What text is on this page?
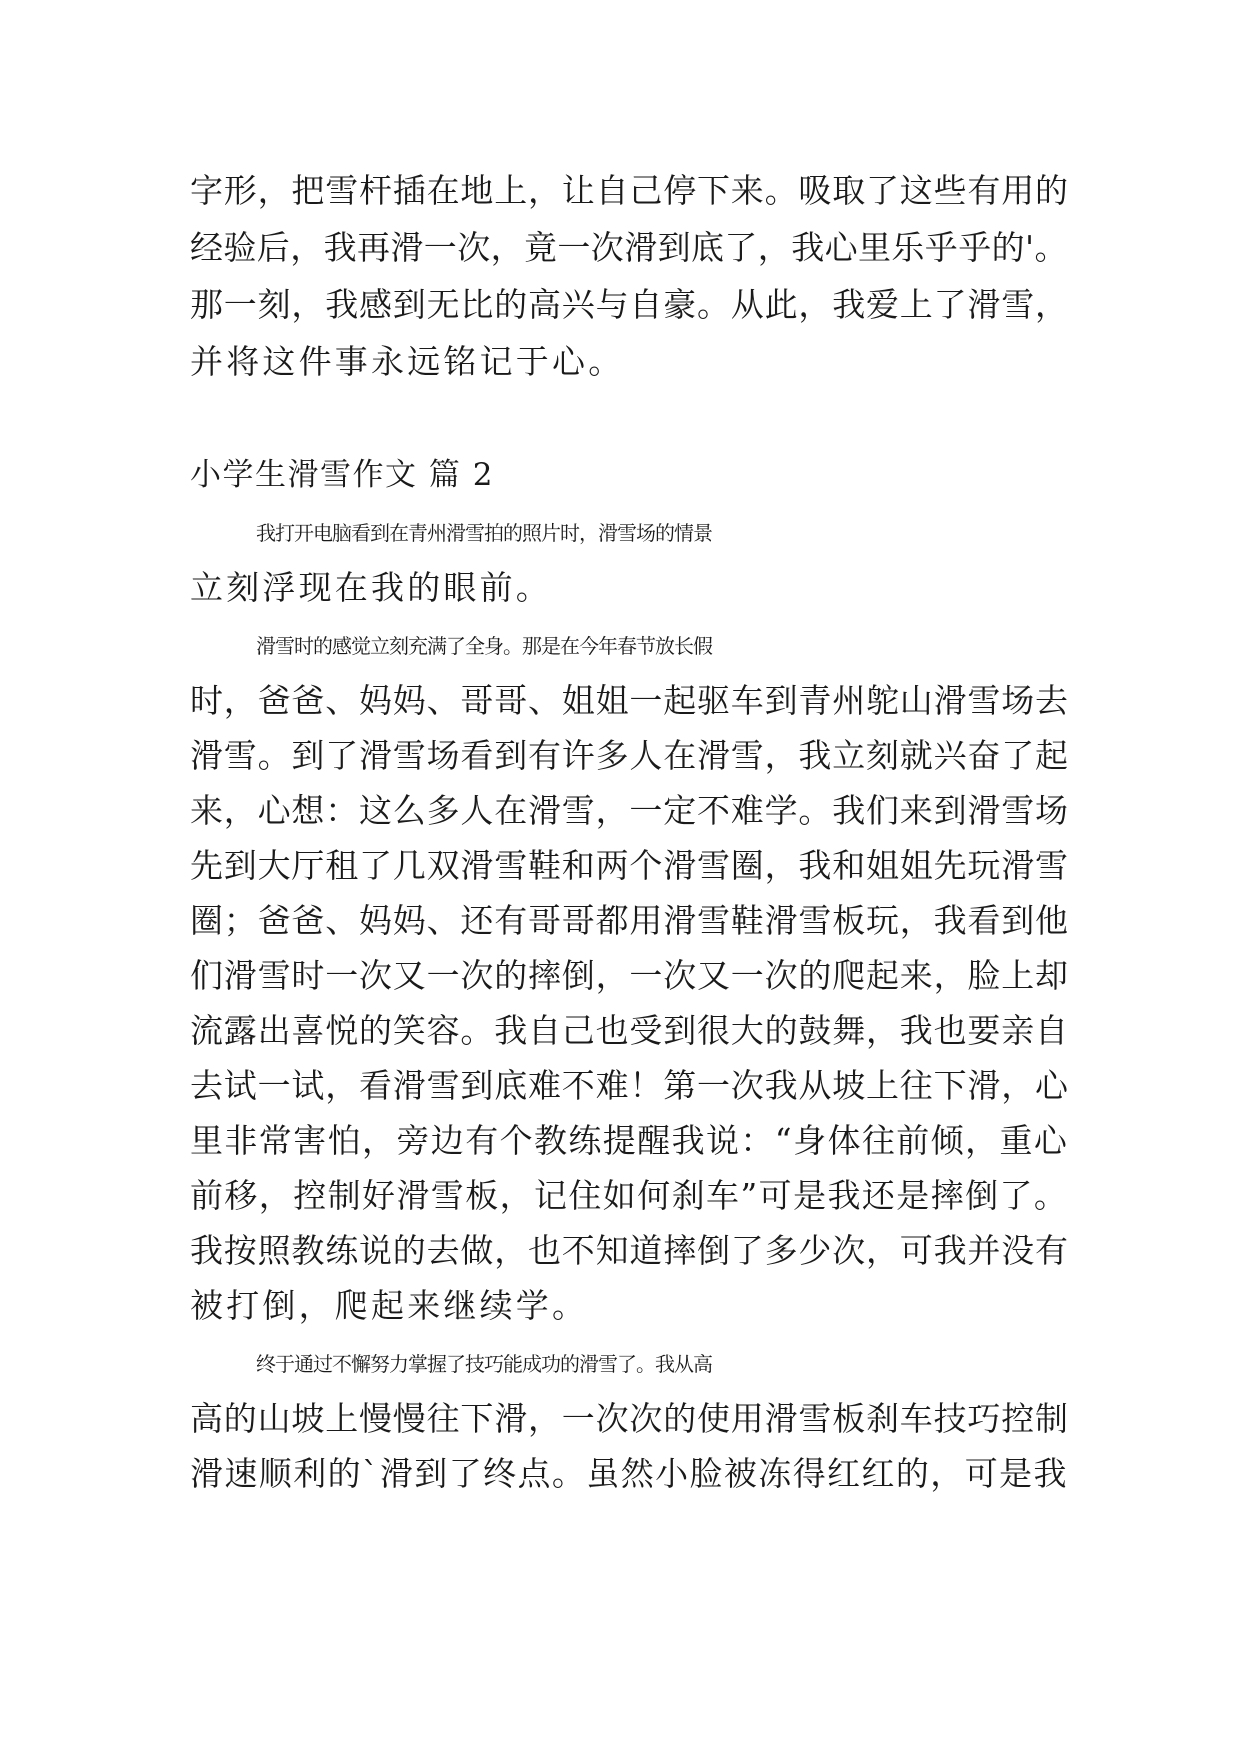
字形，把雪杆插在地上，让自己停下来。吸取了这些有用的
经验后，我再滑一次，竟一次滑到底了，我心里乐乎乎的'。
那一刻，我感到无比的高兴与自豪。从此，我爱上了滑雪，
并将这件事永远铭记于心。
小学生滑雪作文 篇 2
我打开电脑看到在青州滑雪拍的照片时，滑雪场的情景
立刻浮现在我的眼前。
滑雪时的感觉立刻充满了全身。那是在今年春节放长假
时，爸爸、妈妈、哥哥、姐姐一起驱车到青州鸵山滑雪场去
滑雪。到了滑雪场看到有许多人在滑雪，我立刻就兴奋了起
来，心想：这么多人在滑雪，一定不难学。我们来到滑雪场
先到大厅租了几双滑雪鞋和两个滑雪圈，我和姐姐先玩滑雪
圈；爸爸、妈妈、还有哥哥都用滑雪鞋滑雪板玩，我看到他
们滑雪时一次又一次的摔倒，一次又一次的爬起来，脸上却
流露出喜悦的笑容。我自己也受到很大的鼓舞，我也要亲自
去试一试，看滑雪到底难不难！第一次我从坡上往下滑，心
里非常害怕，旁边有个教练提醒我说：“身体往前倾，重心
前移，控制好滑雪板，记住如何刹车”可是我还是摔倒了。
我按照教练说的去做，也不知道摔倒了多少次，可我并没有
被打倒，爬起来继续学。
终于通过不懈努力掌握了技巧能成功的滑雪了。我从高
高的山坡上慢慢往下滑，一次次的使用滑雪板刹车技巧控制
滑速顺利的`滑到了终点。虽然小脸被冻得红红的，可是我
